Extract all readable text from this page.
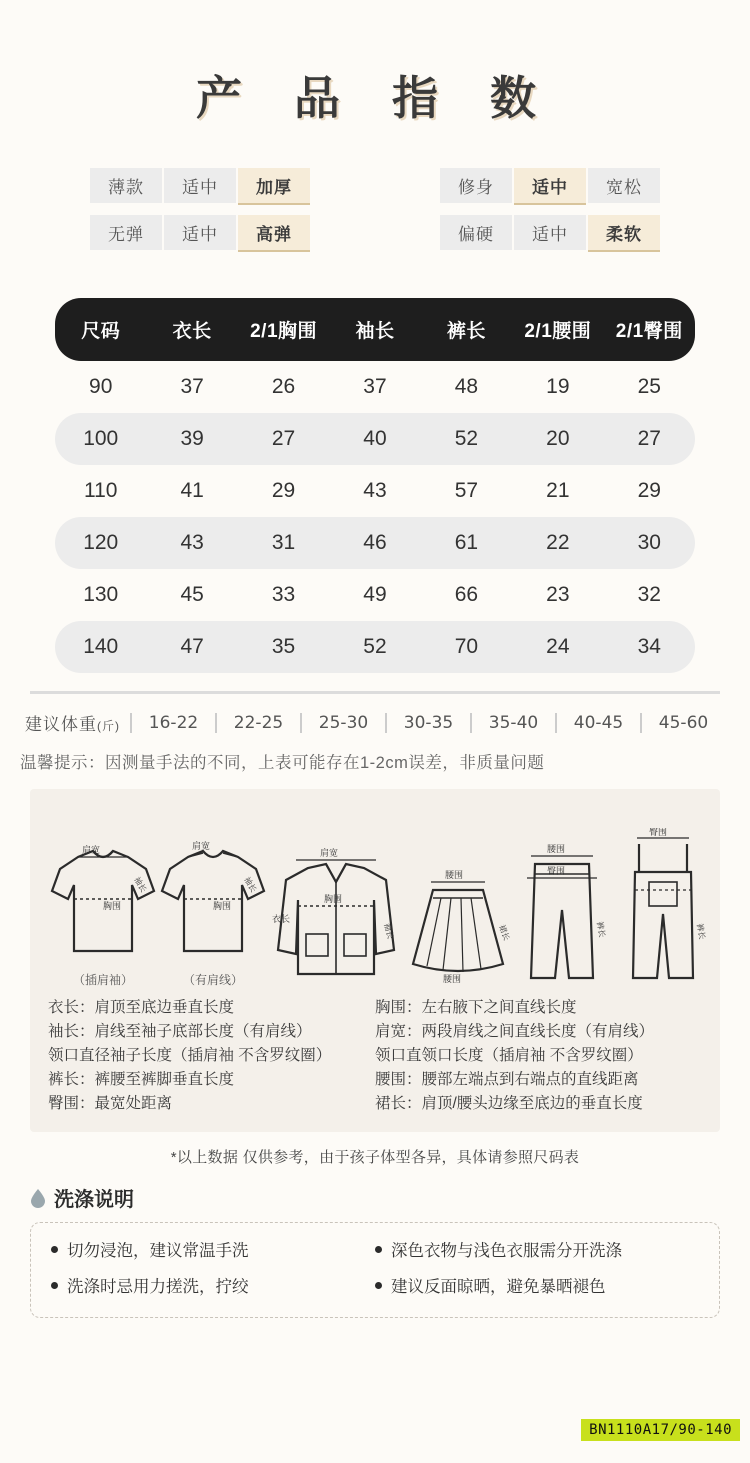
产 品 指 数
薄款	适中	加厚
无弹	适中	高弹
修身	适中	宽松
偏硬	适中	柔软
尺码	衣长	2/1胸围	袖长	裤长	2/1腰围	2/1臀围
90	37	26	37	48	19	25
100	39	27	40	52	20	27
110	41	29	43	57	21	29
120	43	31	46	61	22	30
130	45	33	49	66	23	32
140	47	35	52	70	24	34
建议体重(斤)	16-22	22-25	25-30	30-35	35-40	40-45	45-60
温馨提示：因测量手法的不同，上表可能存在1-2cm误差，非质量问题
肩宽
袖长
胸围
（插肩袖）
肩宽
袖长
胸围
（有肩线）
肩宽
胸围
衣长
袖长
腰围
腰围
裙长
腰围
臀围
裤长
臀围
裤长
衣长：肩顶至底边垂直长度
袖长：肩线至袖子底部长度（有肩线）
领口直径袖子长度（插肩袖 不含罗纹圈）
裤长：裤腰至裤脚垂直长度
臀围：最宽处距离
胸围：左右腋下之间直线长度
肩宽：两段肩线之间直线长度（有肩线）
领口直领口长度（插肩袖 不含罗纹圈）
腰围：腰部左端点到右端点的直线距离
裙长：肩顶/腰头边缘至底边的垂直长度
*以上数据 仅供参考，由于孩子体型各异，具体请参照尺码表
洗涤说明
切勿浸泡，建议常温手洗
洗涤时忌用力搓洗，拧绞
深色衣物与浅色衣服需分开洗涤
建议反面晾晒，避免暴晒褪色
BN1110A17/90-140
